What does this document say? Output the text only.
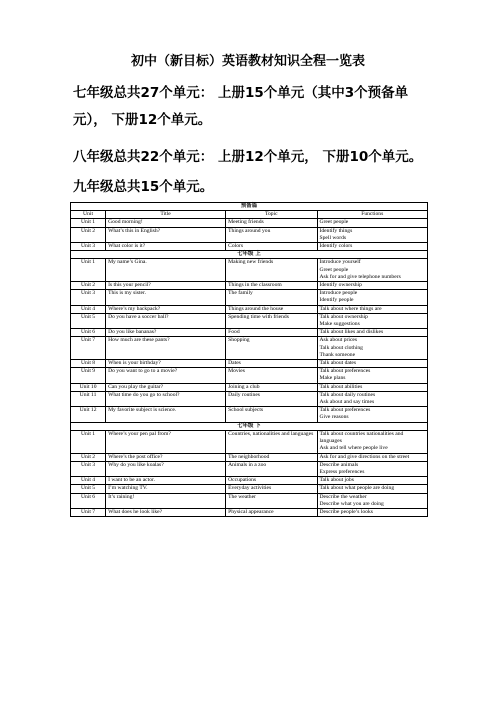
初中（新目标）英语教材知识全程一览表
七年级总共27个单元： 上册15个单元（其中3个预备单元）， 下册12个单元。
八年级总共22个单元： 上册12个单元， 下册10个单元。
九年级总共15个单元。
预备篇			
Unit	Title	Topic	Functions
Unit 1	Good morning!	Meeting friends	Greet people

Unit 2	What’s this in English?	Things around you	Identify things
Spell words

Unit 3	What color is it?	Colors	Identify colors

七年级 上			
Unit 1	My name’s Gina.	Making new friends	Introduce yourself
Greet people
Ask for and give telephone numbers

Unit 2	Is this your pencil?	Things in the classroom	Identify ownership

Unit 3	This is my sister.	The family	Introduce people
Identify people

Unit 4	Where’s my backpack?	Things around the house	Talk about where things are

Unit 5	Do you have a soccer ball?	Spending time with friends	Talk about ownership
Make suggestions

Unit 6	Do you like bananas?	Food	Talk about likes and dislikes

Unit 7	How much are these pants?	Shopping	Ask about prices
Talk about clothing
Thank someone

Unit 8	When is your birthday?	Dates	Talk about dates

Unit 9	Do you want to go to a movie?	Movies	Talk about preferences
Make plans

Unit 10	Can you play the guitar?	Joining a club	Talk about abilities

Unit 11	What time do you go to school?	Daily routines	Talk about daily routines
Ask about and say times

Unit 12	My favorite subject is science.	School subjects	Talk about preferences
Give reasons

七年级 下			
Unit 1	Where’s your pen pal from?	Countries, nationalities and languages	Talk about countries nationalities and languages
Ask and tell where people live

Unit 2	Where’s the post office?	The neighborhood	Ask for and give directions on the street

Unit 3	Why do you like koalas?	Animals in a zoo	Describe animals
Express preferences

Unit 4	I want to be an actor.	Occupations	Talk about jobs

Unit 5	I’m watching TV.	Everyday activities	Talk about what people are doing

Unit 6	It’s raining!	The weather	Describe the weather
Describe what you are doing

Unit 7	What does he look like?	Physical appearance	Describe people’s looks
